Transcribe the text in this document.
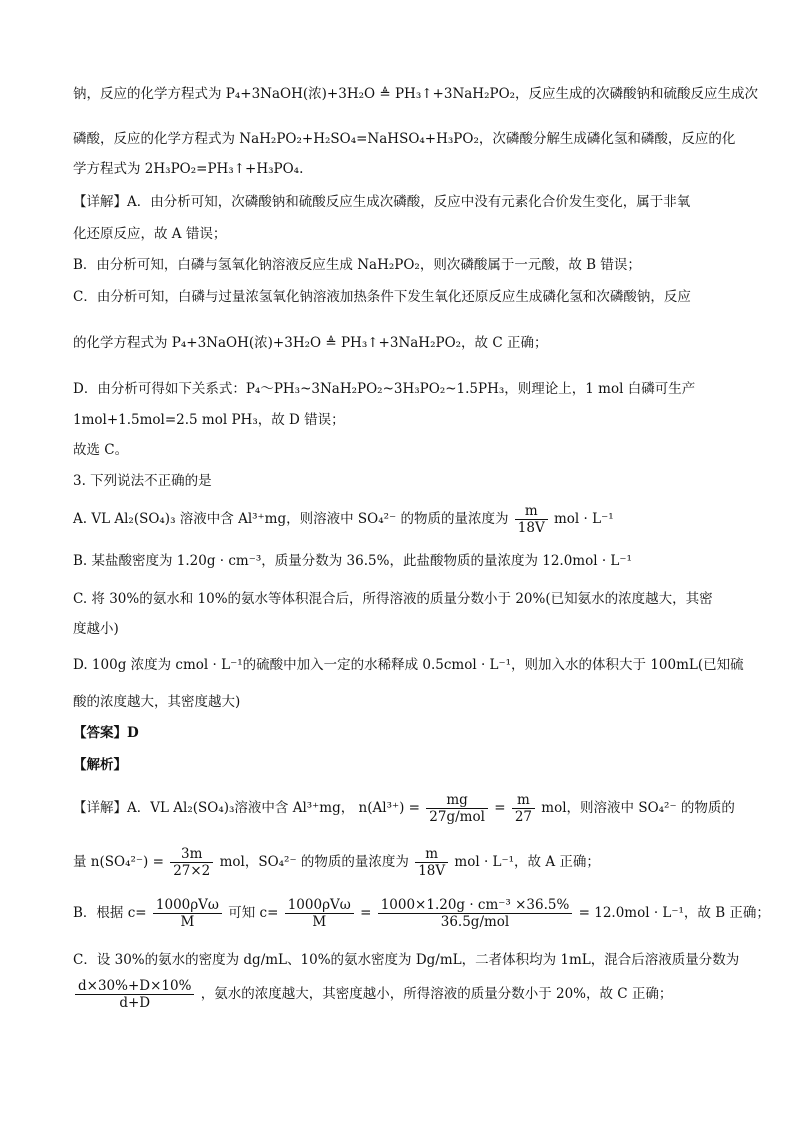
钠，反应的化学方程式为 P₄+3NaOH(浓)+3H₂O ≜ PH₃↑+3NaH₂PO₂，反应生成的次磷酸钠和硫酸反应生成次
磷酸，反应的化学方程式为 NaH₂PO₂+H₂SO₄=NaHSO₄+H₃PO₂，次磷酸分解生成磷化氢和磷酸，反应的化
学方程式为 2H₃PO₂=PH₃↑+H₃PO₄.
【详解】A．由分析可知，次磷酸钠和硫酸反应生成次磷酸，反应中没有元素化合价发生变化，属于非氧
化还原反应，故 A 错误；
B．由分析可知，白磷与氢氧化钠溶液反应生成 NaH₂PO₂，则次磷酸属于一元酸，故 B 错误；
C．由分析可知，白磷与过量浓氢氧化钠溶液加热条件下发生氧化还原反应生成磷化氢和次磷酸钠，反应
的化学方程式为 P₄+3NaOH(浓)+3H₂O ≜ PH₃↑+3NaH₂PO₂，故 C 正确；
D．由分析可得如下关系式：P₄～PH₃~3NaH₂PO₂~3H₃PO₂~1.5PH₃，则理论上，1 mol 白磷可生产
1mol+1.5mol=2.5 mol PH₃，故 D 错误；
故选 C。
3. 下列说法不正确的是
A. VL Al₂(SO₄)₃ 溶液中含 Al³⁺mg，则溶液中 SO₄²⁻ 的物质的量浓度为 $\frac{m}{18V}$ mol · L⁻¹
B. 某盐酸密度为 1.20g · cm⁻³，质量分数为 36.5%，此盐酸物质的量浓度为 12.0mol · L⁻¹
C. 将 30%的氨水和 10%的氨水等体积混合后，所得溶液的质量分数小于 20%(已知氨水的浓度越大，其密
度越小)
D. 100g 浓度为 cmol · L⁻¹的硫酸中加入一定的水稀释成 0.5cmol · L⁻¹，则加入水的体积大于 100mL(已知硫
酸的浓度越大，其密度越大)
【答案】D
【解析】
【详解】A．VL Al₂(SO₄)₃溶液中含 Al³⁺mg， $n(Al^{3+}) = \frac{mg}{\text{27g/mol}} = \frac{m}{27}$ mol，则溶液中 SO₄²⁻ 的物质的
量 $n(SO_4^{2-}) = \frac{3m}{27\times 2}$ mol，SO₄²⁻ 的物质的量浓度为 $\frac{m}{18V}$ mol · L⁻¹，故 A 正确；
B．根据 $c= \frac{\text{1000ρVω}}{M}$ 可知 $c= \frac{\text{1000ρVω}}{M} = \frac{\text{1000×1.20g · cm⁻³ ×36.5\%}}{\text{36.5g/mol}} = 12.0mol \cdot L^{-1}$，故 B 正确；
C．设 30%的氨水的密度为 dg/mL、10%的氨水密度为 Dg/mL，二者体积均为 1mL，混合后溶液质量分数为
$\frac{d\times 30\%+D\times 10\%}{d+D}$ ，氨水的浓度越大，其密度越小，所得溶液的质量分数小于 20%，故 C 正确；
